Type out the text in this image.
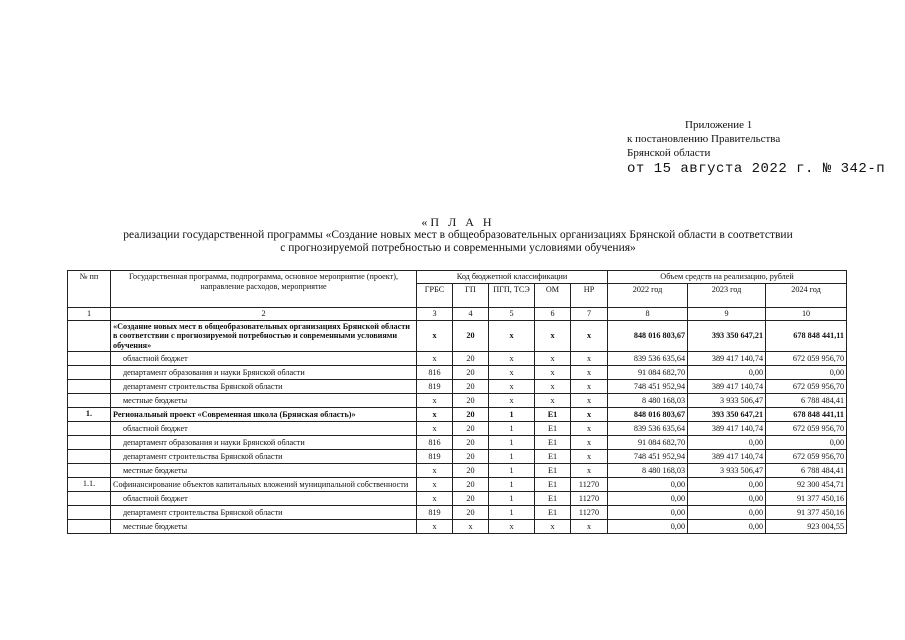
Приложение 1
к постановлению Правительства
Брянской области
от 15 августа 2022 г. № 342-п
«П Л А Н
реализации государственной программы «Создание новых мест в общеобразовательных организациях Брянской области в соответствии
с прогнозируемой потребностью и современными условиями обучения»
№ пп	Государственная программа, подпрограмма, основное мероприятие (проект), направление расходов, мероприятие	Код бюджетной классификации					Объем средств на реализацию, рублей		
		ГРБС	ГП	ПГП, ТСЭ	ОМ	НР	2022 год	2023 год	2024 год
1	2	3	4	5	6	7	8	9	10
	«Создание новых мест в общеобразовательных организациях Брянской области в соответствии с прогнозируемой потребностью и современными условиями обучения»	х	20	х	х	х	848 016 803,67	393 350 647,21	678 848 441,11
	областной бюджет	х	20	х	х	х	839 536 635,64	389 417 140,74	672 059 956,70
	департамент образования и науки Брянской области	816	20	х	х	х	91 084 682,70	0,00	0,00
	департамент строительства Брянской области	819	20	х	х	х	748 451 952,94	389 417 140,74	672 059 956,70
	местные бюджеты	х	20	х	х	х	8 480 168,03	3 933 506,47	6 788 484,41
1.	Региональный проект «Современная школа (Брянская область)»	х	20	1	E1	х	848 016 803,67	393 350 647,21	678 848 441,11
	областной бюджет	х	20	1	E1	х	839 536 635,64	389 417 140,74	672 059 956,70
	департамент образования и науки Брянской области	816	20	1	E1	х	91 084 682,70	0,00	0,00
	департамент строительства Брянской области	819	20	1	E1	х	748 451 952,94	389 417 140,74	672 059 956,70
	местные бюджеты	х	20	1	E1	х	8 480 168,03	3 933 506,47	6 788 484,41
1.1.	Софинансирование объектов капитальных вложений муниципальной собственности	х	20	1	E1	11270	0,00	0,00	92 300 454,71
	областной бюджет	х	20	1	E1	11270	0,00	0,00	91 377 450,16
	департамент строительства Брянской области	819	20	1	E1	11270	0,00	0,00	91 377 450,16
	местные бюджеты	х	х	х	х	х	0,00	0,00	923 004,55
